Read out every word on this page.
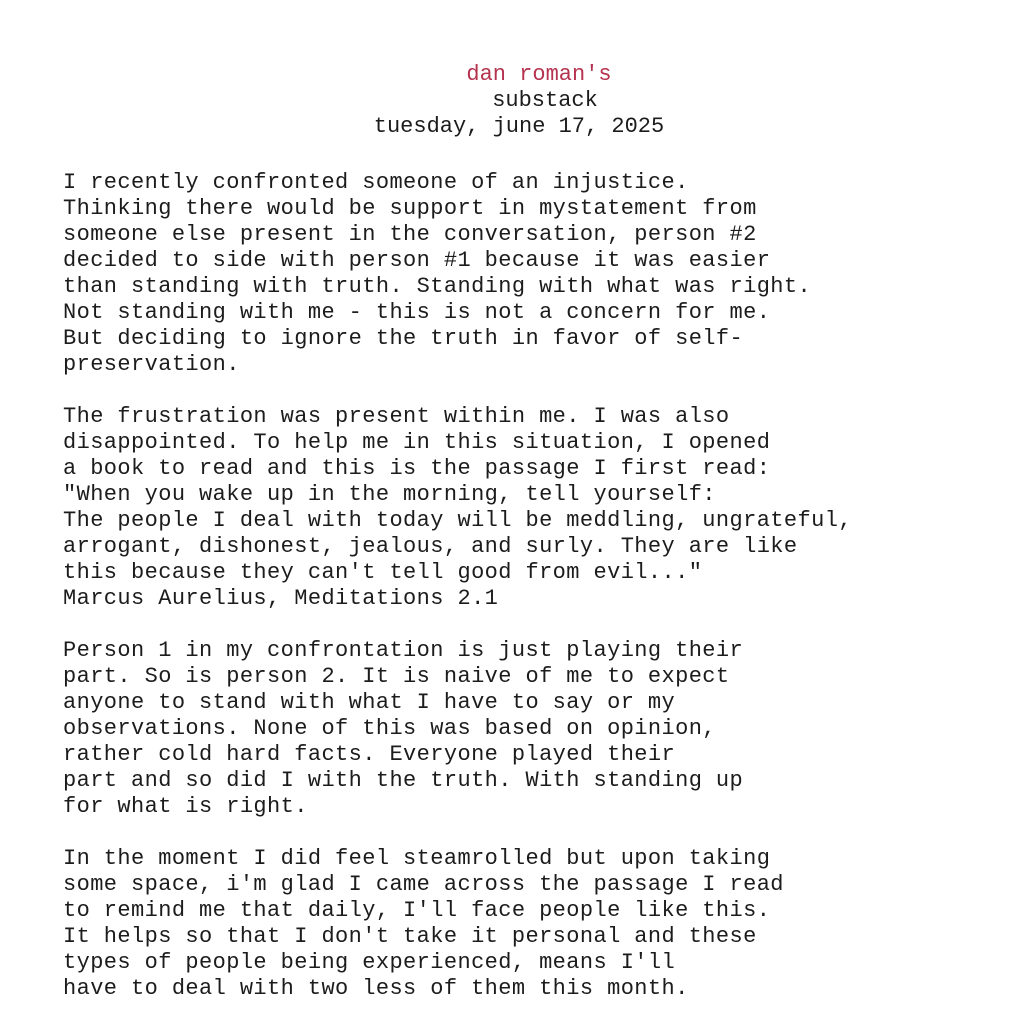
dan roman's
substack
tuesday, june 17, 2025
I recently confronted someone of an injustice.
Thinking there would be support in mystatement from
someone else present in the conversation, person #2
decided to side with person #1 because it was easier
than standing with truth. Standing with what was right.
Not standing with me - this is not a concern for me.
But deciding to ignore the truth in favor of self-
preservation.
The frustration was present within me. I was also
disappointed. To help me in this situation, I opened
a book to read and this is the passage I first read:
"When you wake up in the morning, tell yourself:
The people I deal with today will be meddling, ungrateful,
arrogant, dishonest, jealous, and surly. They are like
this because they can't tell good from evil..."
Marcus Aurelius, Meditations 2.1
Person 1 in my confrontation is just playing their
part. So is person 2. It is naive of me to expect
anyone to stand with what I have to say or my
observations. None of this was based on opinion,
rather cold hard facts. Everyone played their
part and so did I with the truth. With standing up
for what is right.
In the moment I did feel steamrolled but upon taking
some space, i'm glad I came across the passage I read
to remind me that daily, I'll face people like this.
It helps so that I don't take it personal and these
types of people being experienced, means I'll
have to deal with two less of them this month.
